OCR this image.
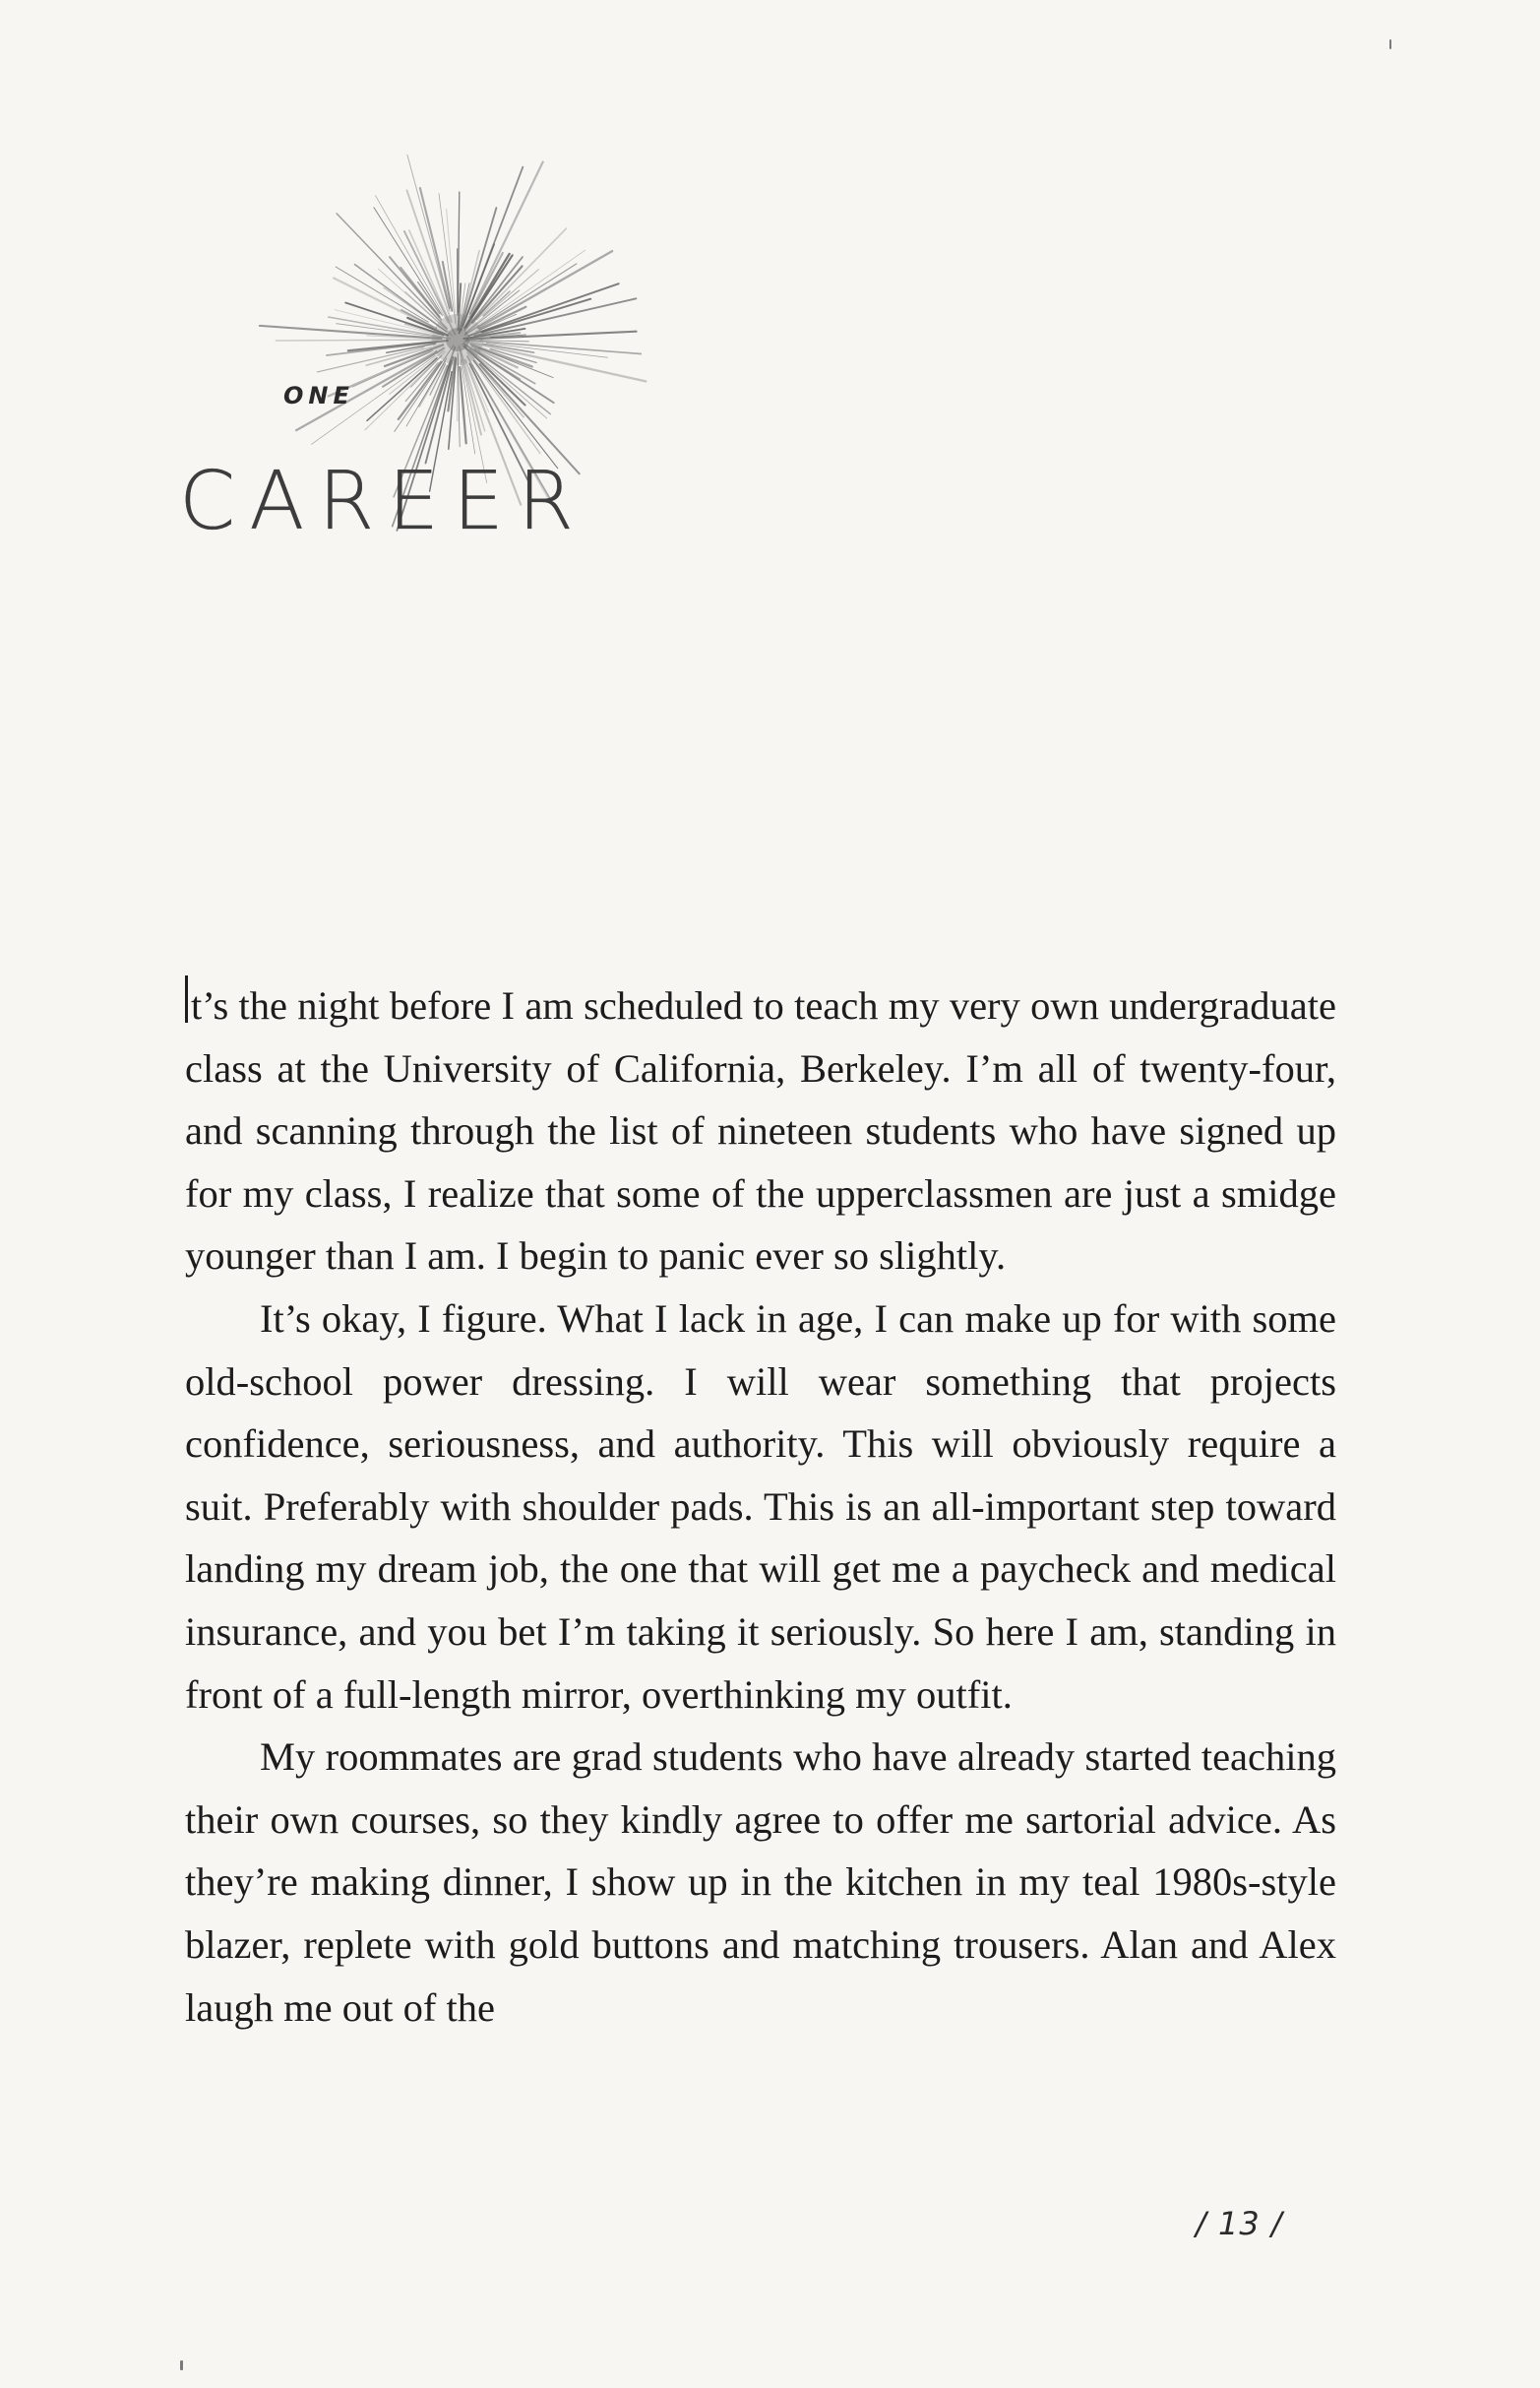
ONE
CAREER

t’s the night before I am scheduled to teach my very own undergraduate class at the University of California, Berkeley. I’m all of twenty-four, and scanning through the list of nineteen students who have signed up for my class, I realize that some of the upperclassmen are just a smidge younger than I am. I begin to panic ever so slightly.

It’s okay, I figure. What I lack in age, I can make up for with some old-school power dressing. I will wear something that projects confidence, seriousness, and authority. This will obviously require a suit. Preferably with shoulder pads. This is an all-important step toward landing my dream job, the one that will get me a paycheck and medical insurance, and you bet I’m taking it seriously. So here I am, standing in front of a full-length mirror, overthinking my outfit.

My roommates are grad students who have already started teaching their own courses, so they kindly agree to offer me sartorial advice. As they’re making dinner, I show up in the kitchen in my teal 1980s-style blazer, replete with gold buttons and matching trousers. Alan and Alex laugh me out of the

/ 13 /
